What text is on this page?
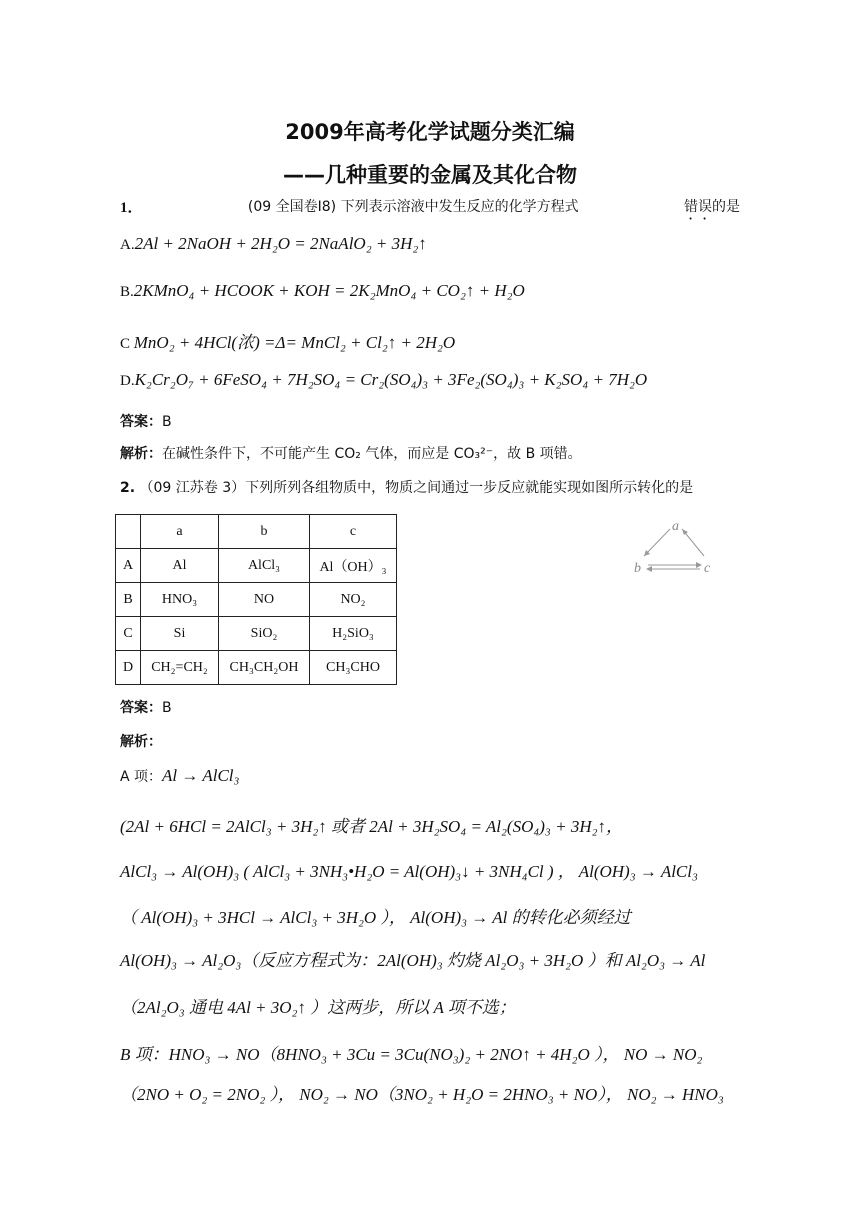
2009年高考化学试题分类汇编
——几种重要的金属及其化合物
1．	(09 全国卷Ⅰ8) 下列表示溶液中发生反应的化学方程式	错误的是
A.2Al + 2NaOH + 2H₂O = 2NaAlO₂ + 3H₂↑
B.2KMnO₄ + HCOOK + KOH = 2K₂MnO₄ + CO₂↑ + H₂O
C MnO₂ + 4HCl(浓) =Δ= MnCl₂ + Cl₂↑ + 2H₂O
D.K₂Cr₂O₇ + 6FeSO₄ + 7H₂SO₄ = Cr₂(SO₄)₃ + 3Fe₂(SO₄)₃ + K₂SO₄ + 7H₂O
答案：B
解析：在碱性条件下，不可能产生 CO₂ 气体，而应是 CO₃²⁻，故 B 项错。
2. （09 江苏卷 3）下列所列各组物质中，物质之间通过一步反应就能实现如图所示转化的是
	a	b	c
A	Al	AlCl₃	Al（OH）₃
B	HNO₃	NO	NO₂
C	Si	SiO₂	H₂SiO₃
D	CH₂=CH₂	CH₃CH₂OH	CH₃CHO
a
b	c
答案：B
解析：
A 项：Al → AlCl₃
(2Al + 6HCl = 2AlCl₃ + 3H₂↑ 或者 2Al + 3H₂SO₄ = Al₂(SO₄)₃ + 3H₂↑，
AlCl₃ → Al(OH)₃ ( AlCl₃ + 3NH₃•H₂O = Al(OH)₃↓ + 3NH₄Cl ) ， Al(OH)₃ → AlCl₃
（ Al(OH)₃ + 3HCl → AlCl₃ + 3H₂O ）， Al(OH)₃ → Al 的转化必须经过
Al(OH)₃ → Al₂O₃（反应方程式为：2Al(OH)₃ 灼烧 Al₂O₃ + 3H₂O ）和 Al₂O₃ → Al
（2Al₂O₃ 通电 4Al + 3O₂↑ ）这两步，所以 A 项不选；
B 项：HNO₃ → NO（8HNO₃ + 3Cu = 3Cu(NO₃)₂ + 2NO↑ + 4H₂O ）， NO → NO₂
（2NO + O₂ = 2NO₂ ）， NO₂ → NO（3NO₂ + H₂O = 2HNO₃ + NO）， NO₂ → HNO₃
